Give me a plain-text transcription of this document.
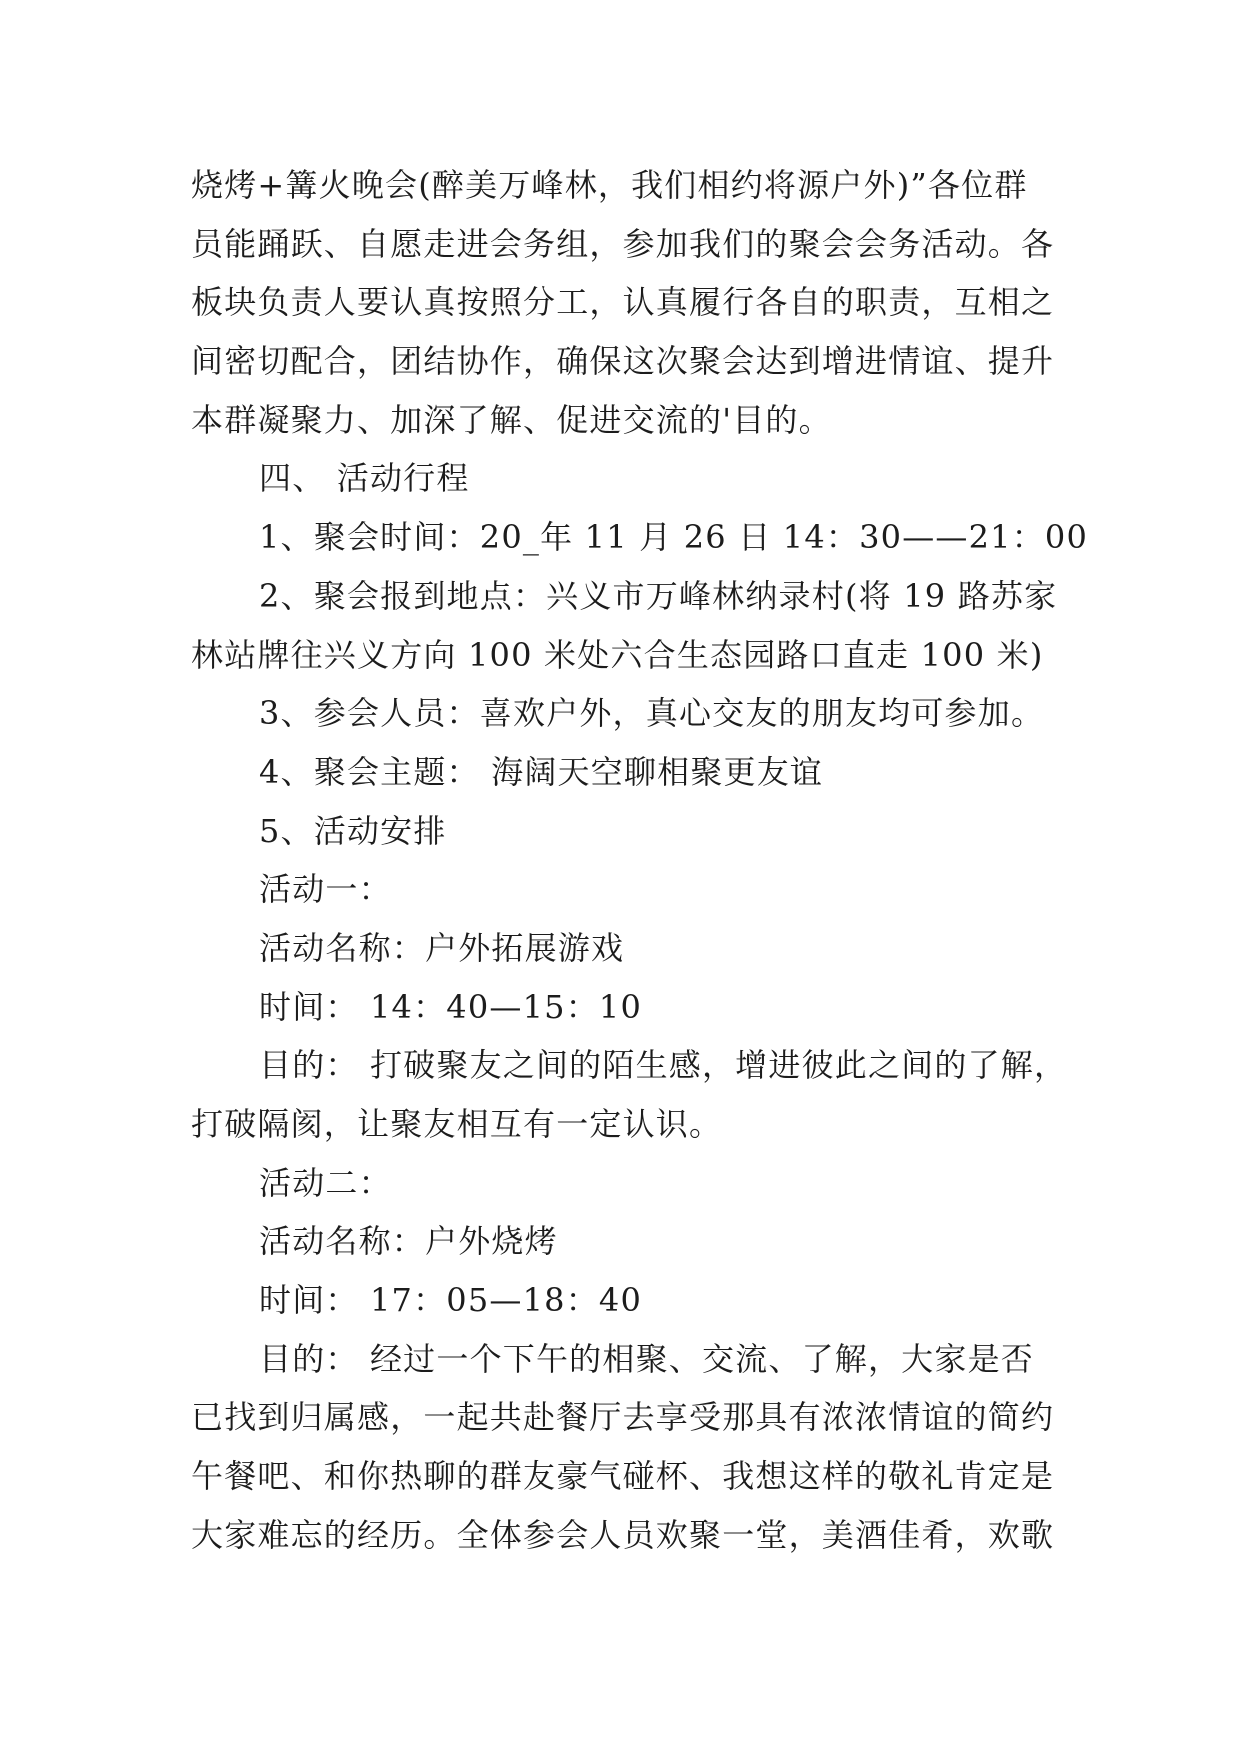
烧烤+篝火晚会(醉美万峰林，我们相约将源户外)”各位群
员能踊跃、自愿走进会务组，参加我们的聚会会务活动。各
板块负责人要认真按照分工，认真履行各自的职责，互相之
间密切配合，团结协作，确保这次聚会达到增进情谊、提升
本群凝聚力、加深了解、促进交流的'目的。
四、 活动行程
1、聚会时间：20_年 11 月 26 日 14：30——21：00
2、聚会报到地点：兴义市万峰林纳录村(将 19 路苏家
林站牌往兴义方向 100 米处六合生态园路口直走 100 米)
3、参会人员：喜欢户外，真心交友的朋友均可参加。
4、聚会主题： 海阔天空聊相聚更友谊
5、活动安排
活动一：
活动名称：户外拓展游戏
时间： 14：40—15：10
目的： 打破聚友之间的陌生感，增进彼此之间的了解，
打破隔阂，让聚友相互有一定认识。
活动二：
活动名称：户外烧烤
时间： 17：05—18：40
目的： 经过一个下午的相聚、交流、了解，大家是否
已找到归属感，一起共赴餐厅去享受那具有浓浓情谊的简约
午餐吧、和你热聊的群友豪气碰杯、我想这样的敬礼肯定是
大家难忘的经历。全体参会人员欢聚一堂，美酒佳肴，欢歌
